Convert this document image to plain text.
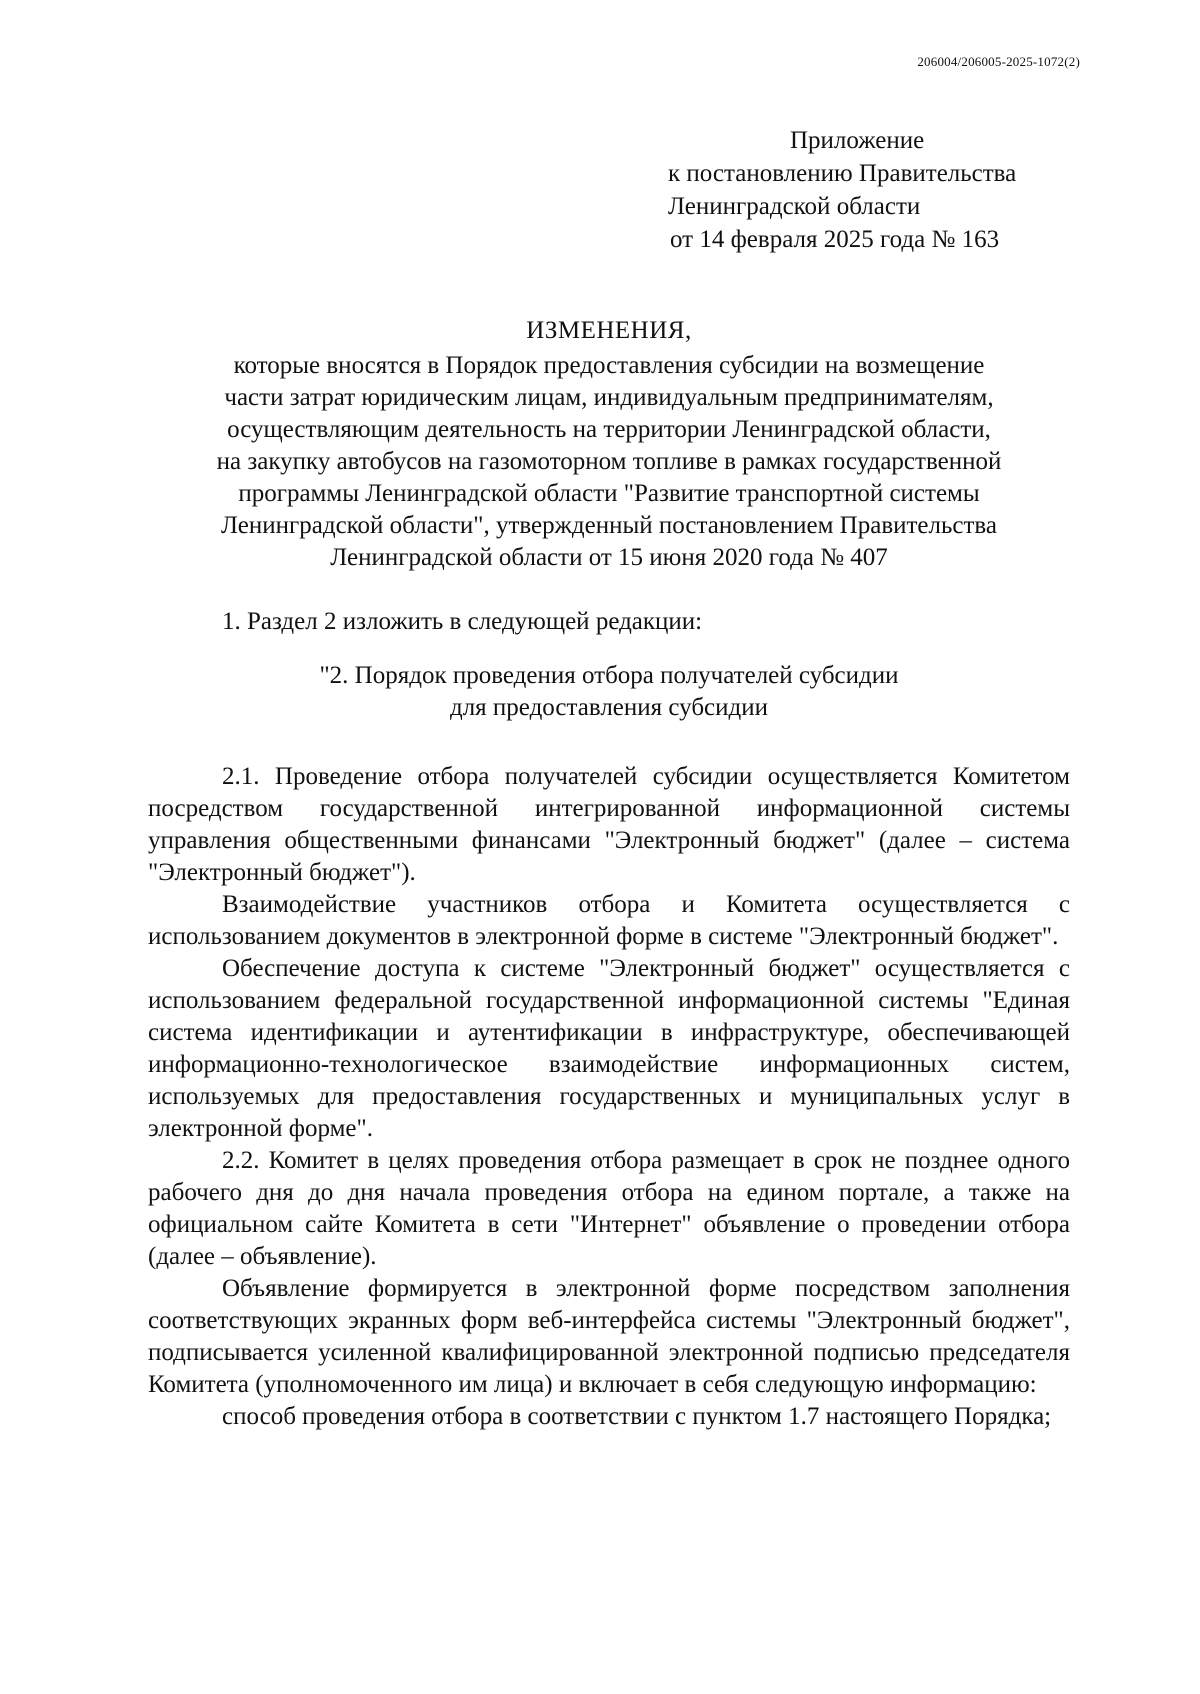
206004/206005-2025-1072(2)
Приложение
к постановлению Правительства
Ленинградской области
от 14 февраля 2025 года № 163
ИЗМЕНЕНИЯ,
которые вносятся в Порядок предоставления субсидии на возмещение
части затрат юридическим лицам, индивидуальным предпринимателям,
осуществляющим деятельность на территории Ленинградской области,
на закупку автобусов на газомоторном топливе в рамках государственной
программы Ленинградской области "Развитие транспортной системы
Ленинградской области", утвержденный постановлением Правительства
Ленинградской области от 15 июня 2020 года № 407

1. Раздел 2 изложить в следующей редакции:

"2. Порядок проведения отбора получателей субсидии
для предоставления субсидии

2.1. Проведение отбора получателей субсидии осуществляется Комитетом посредством государственной интегрированной информационной системы управления общественными финансами "Электронный бюджет" (далее – система "Электронный бюджет").

Взаимодействие участников отбора и Комитета осуществляется с использованием документов в электронной форме в системе "Электронный бюджет".

Обеспечение доступа к системе "Электронный бюджет" осуществляется с использованием федеральной государственной информационной системы "Единая система идентификации и аутентификации в инфраструктуре, обеспечивающей информационно-технологическое взаимодействие информационных систем, используемых для предоставления государственных и муниципальных услуг в электронной форме".

2.2. Комитет в целях проведения отбора размещает в срок не позднее одного рабочего дня до дня начала проведения отбора на едином портале, а также на официальном сайте Комитета в сети "Интернет" объявление о проведении отбора (далее – объявление).

Объявление формируется в электронной форме посредством заполнения соответствующих экранных форм веб-интерфейса системы "Электронный бюджет", подписывается усиленной квалифицированной электронной подписью председателя Комитета (уполномоченного им лица) и включает в себя следующую информацию:

способ проведения отбора в соответствии с пунктом 1.7 настоящего Порядка;
